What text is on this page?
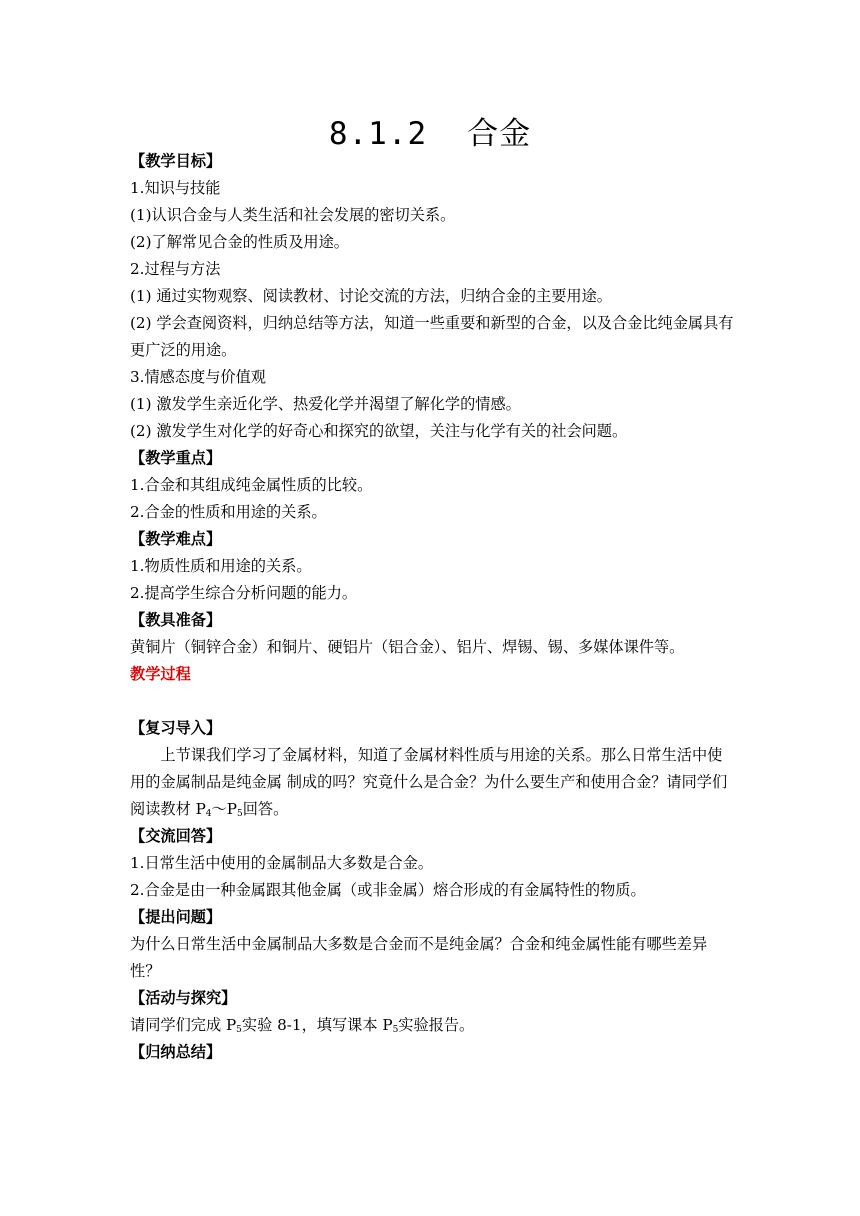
8.1.2 合金

【教学目标】

1.知识与技能

(1)认识合金与人类生活和社会发展的密切关系。

(2)了解常见合金的性质及用途。

2.过程与方法

(1) 通过实物观察、阅读教材、讨论交流的方法，归纳合金的主要用途。

(2) 学会查阅资料，归纳总结等方法，知道一些重要和新型的合金，以及合金比纯金属具有更广泛的用途。

3.情感态度与价值观

(1) 激发学生亲近化学、热爱化学并渴望了解化学的情感。

(2) 激发学生对化学的好奇心和探究的欲望，关注与化学有关的社会问题。

【教学重点】

1.合金和其组成纯金属性质的比较。

2.合金的性质和用途的关系。

【教学难点】

1.物质性质和用途的关系。

2.提高学生综合分析问题的能力。

【教具准备】

黄铜片（铜锌合金）和铜片、硬铝片（铝合金）、铝片、焊锡、锡、多媒体课件等。

教学过程

【复习导入】

上节课我们学习了金属材料，知道了金属材料性质与用途的关系。那么日常生活中使用的金属制品是纯金属 制成的吗？究竟什么是合金？为什么要生产和使用合金？请同学们阅读教材 $P_4\sim P_5$回答。

【交流回答】

1.日常生活中使用的金属制品大多数是合金。

2.合金是由一种金属跟其他金属（或非金属）熔合形成的有金属特性的物质。

【提出问题】

为什么日常生活中金属制品大多数是合金而不是纯金属？合金和纯金属性能有哪些差异性？

【活动与探究】

请同学们完成 $P_5$实验 8-1，填写课本 $P_5$实验报告。

【归纳总结】
